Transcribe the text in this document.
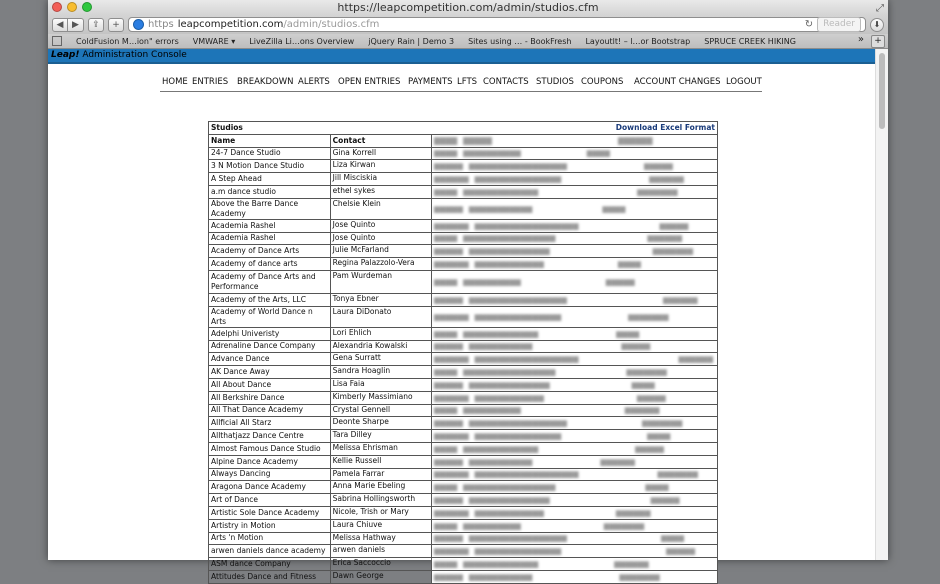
https://leapcompetition.com/admin/studios.cfm	⤢
◀ ▶ ⇪ +	https leapcompetition.com /admin/studios.cfm	↻	Reader	⬇
ColdFusion M…ion" errors VMWARE ▾ LiveZilla Li…ons Overview jQuery Rain | Demo 3 Sites using … - BookFresh Layoutlt! – l…or Bootstrap SPRUCE CREEK HIKING	»	+
Leap! Administration Console
HOME ENTRIES BREAKDOWN ALERTS OPEN ENTRIES PAYMENTS LFTS CONTACTS STUDIOS COUPONS ACCOUNT CHANGES LOGOUT
Studios Download Excel Format		

Name	Contact	▇▇▇▇ ▇▇▇▇▇ ▇▇▇▇▇▇

24-7 Dance Studio	Gina Korrell	▆▆▆▆ ▆▆▆▆▆▆▆▆▆▆ ▆▆▆▆

3 N Motion Dance Studio	Liza Kirwan	▆▆▆▆▆ ▆▆▆▆▆▆▆▆▆▆▆▆▆▆▆▆▆ ▆▆▆▆▆

A Step Ahead	Jill Misciskia	▆▆▆▆▆▆ ▆▆▆▆▆▆▆▆▆▆▆▆▆▆▆ ▆▆▆▆▆▆

a.m dance studio	ethel sykes	▆▆▆▆ ▆▆▆▆▆▆▆▆▆▆▆▆▆ ▆▆▆▆▆▆▆

Above the Barre Dance Academy	Chelsie Klein	▆▆▆▆▆ ▆▆▆▆▆▆▆▆▆▆▆ ▆▆▆▆

Academia Rashel	Jose Quinto	▆▆▆▆▆▆ ▆▆▆▆▆▆▆▆▆▆▆▆▆▆▆▆▆▆ ▆▆▆▆▆

Academia Rashel	Jose Quinto	▆▆▆▆ ▆▆▆▆▆▆▆▆▆▆▆▆▆▆▆▆ ▆▆▆▆▆▆

Academy of Dance Arts	Julie McFarland	▆▆▆▆▆ ▆▆▆▆▆▆▆▆▆▆▆▆▆▆ ▆▆▆▆▆▆▆

Academy of dance arts	Regina Palazzolo-Vera	▆▆▆▆▆▆ ▆▆▆▆▆▆▆▆▆▆▆▆ ▆▆▆▆

Academy of Dance Arts and Performance	Pam Wurdeman	▆▆▆▆ ▆▆▆▆▆▆▆▆▆▆ ▆▆▆▆▆

Academy of the Arts, LLC	Tonya Ebner	▆▆▆▆▆ ▆▆▆▆▆▆▆▆▆▆▆▆▆▆▆▆▆ ▆▆▆▆▆▆

Academy of World Dance n Arts	Laura DiDonato	▆▆▆▆▆▆ ▆▆▆▆▆▆▆▆▆▆▆▆▆▆▆ ▆▆▆▆▆▆▆

Adelphi Univeristy	Lori Ehlich	▆▆▆▆ ▆▆▆▆▆▆▆▆▆▆▆▆▆ ▆▆▆▆

Adrenaline Dance Company	Alexandria Kowalski	▆▆▆▆▆ ▆▆▆▆▆▆▆▆▆▆▆ ▆▆▆▆▆

Advance Dance	Gena Surratt	▆▆▆▆▆▆ ▆▆▆▆▆▆▆▆▆▆▆▆▆▆▆▆▆▆ ▆▆▆▆▆▆

AK Dance Away	Sandra Hoaglin	▆▆▆▆ ▆▆▆▆▆▆▆▆▆▆▆▆▆▆▆▆ ▆▆▆▆▆▆▆

All About Dance	Lisa Faia	▆▆▆▆▆ ▆▆▆▆▆▆▆▆▆▆▆▆▆▆ ▆▆▆▆

All Berkshire Dance	Kimberly Massimiano	▆▆▆▆▆▆ ▆▆▆▆▆▆▆▆▆▆▆▆ ▆▆▆▆▆

All That Dance Academy	Crystal Gennell	▆▆▆▆ ▆▆▆▆▆▆▆▆▆▆ ▆▆▆▆▆▆

Allficial All Starz	Deonte Sharpe	▆▆▆▆▆ ▆▆▆▆▆▆▆▆▆▆▆▆▆▆▆▆▆ ▆▆▆▆▆▆▆

Allthatjazz Dance Centre	Tara Dilley	▆▆▆▆▆▆ ▆▆▆▆▆▆▆▆▆▆▆▆▆▆▆ ▆▆▆▆

Almost Famous Dance Studio	Melissa Ehrisman	▆▆▆▆ ▆▆▆▆▆▆▆▆▆▆▆▆▆ ▆▆▆▆▆

Alpine Dance Academy	Kellie Russell	▆▆▆▆▆ ▆▆▆▆▆▆▆▆▆▆▆ ▆▆▆▆▆▆

Always Dancing	Pamela Farrar	▆▆▆▆▆▆ ▆▆▆▆▆▆▆▆▆▆▆▆▆▆▆▆▆▆ ▆▆▆▆▆▆▆

Aragona Dance Academy	Anna Marie Ebeling	▆▆▆▆ ▆▆▆▆▆▆▆▆▆▆▆▆▆▆▆▆ ▆▆▆▆

Art of Dance	Sabrina Hollingsworth	▆▆▆▆▆ ▆▆▆▆▆▆▆▆▆▆▆▆▆▆ ▆▆▆▆▆

Artistic Sole Dance Academy	Nicole, Trish or Mary	▆▆▆▆▆▆ ▆▆▆▆▆▆▆▆▆▆▆▆ ▆▆▆▆▆▆

Artistry in Motion	Laura Chiuve	▆▆▆▆ ▆▆▆▆▆▆▆▆▆▆ ▆▆▆▆▆▆▆

Arts 'n Motion	Melissa Hathway	▆▆▆▆▆ ▆▆▆▆▆▆▆▆▆▆▆▆▆▆▆▆▆ ▆▆▆▆

arwen daniels dance academy	arwen daniels	▆▆▆▆▆▆ ▆▆▆▆▆▆▆▆▆▆▆▆▆▆▆ ▆▆▆▆▆

ASM dance Company	Erica Saccoccio	▆▆▆▆ ▆▆▆▆▆▆▆▆▆▆▆▆▆ ▆▆▆▆▆▆

Attitudes Dance and Fitness	Dawn George	▆▆▆▆▆ ▆▆▆▆▆▆▆▆▆▆▆ ▆▆▆▆▆▆▆
